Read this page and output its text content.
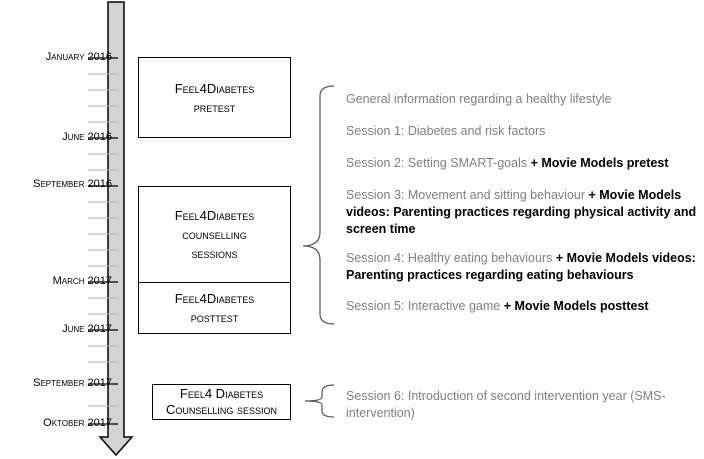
January 2016
June 2016
September 2016
March 2017
June 2017
September 2017
Oktober 2017
Feel4Diabetes
pretest
Feel4Diabetes
counselling
sessions
Feel4Diabetes
posttest
Feel4 Diabetes
Counselling session
General information regarding a healthy lifestyle
Session 1: Diabetes and risk factors
Session 2: Setting SMART-goals + Movie Models pretest
Session 3: Movement and sitting behaviour + Movie Models videos: Parenting practices regarding physical activity and screen time
Session 4: Healthy eating behaviours + Movie Models videos: Parenting practices regarding eating behaviours
Session 5: Interactive game + Movie Models posttest
Session 6: Introduction of second intervention year (SMS-intervention)
